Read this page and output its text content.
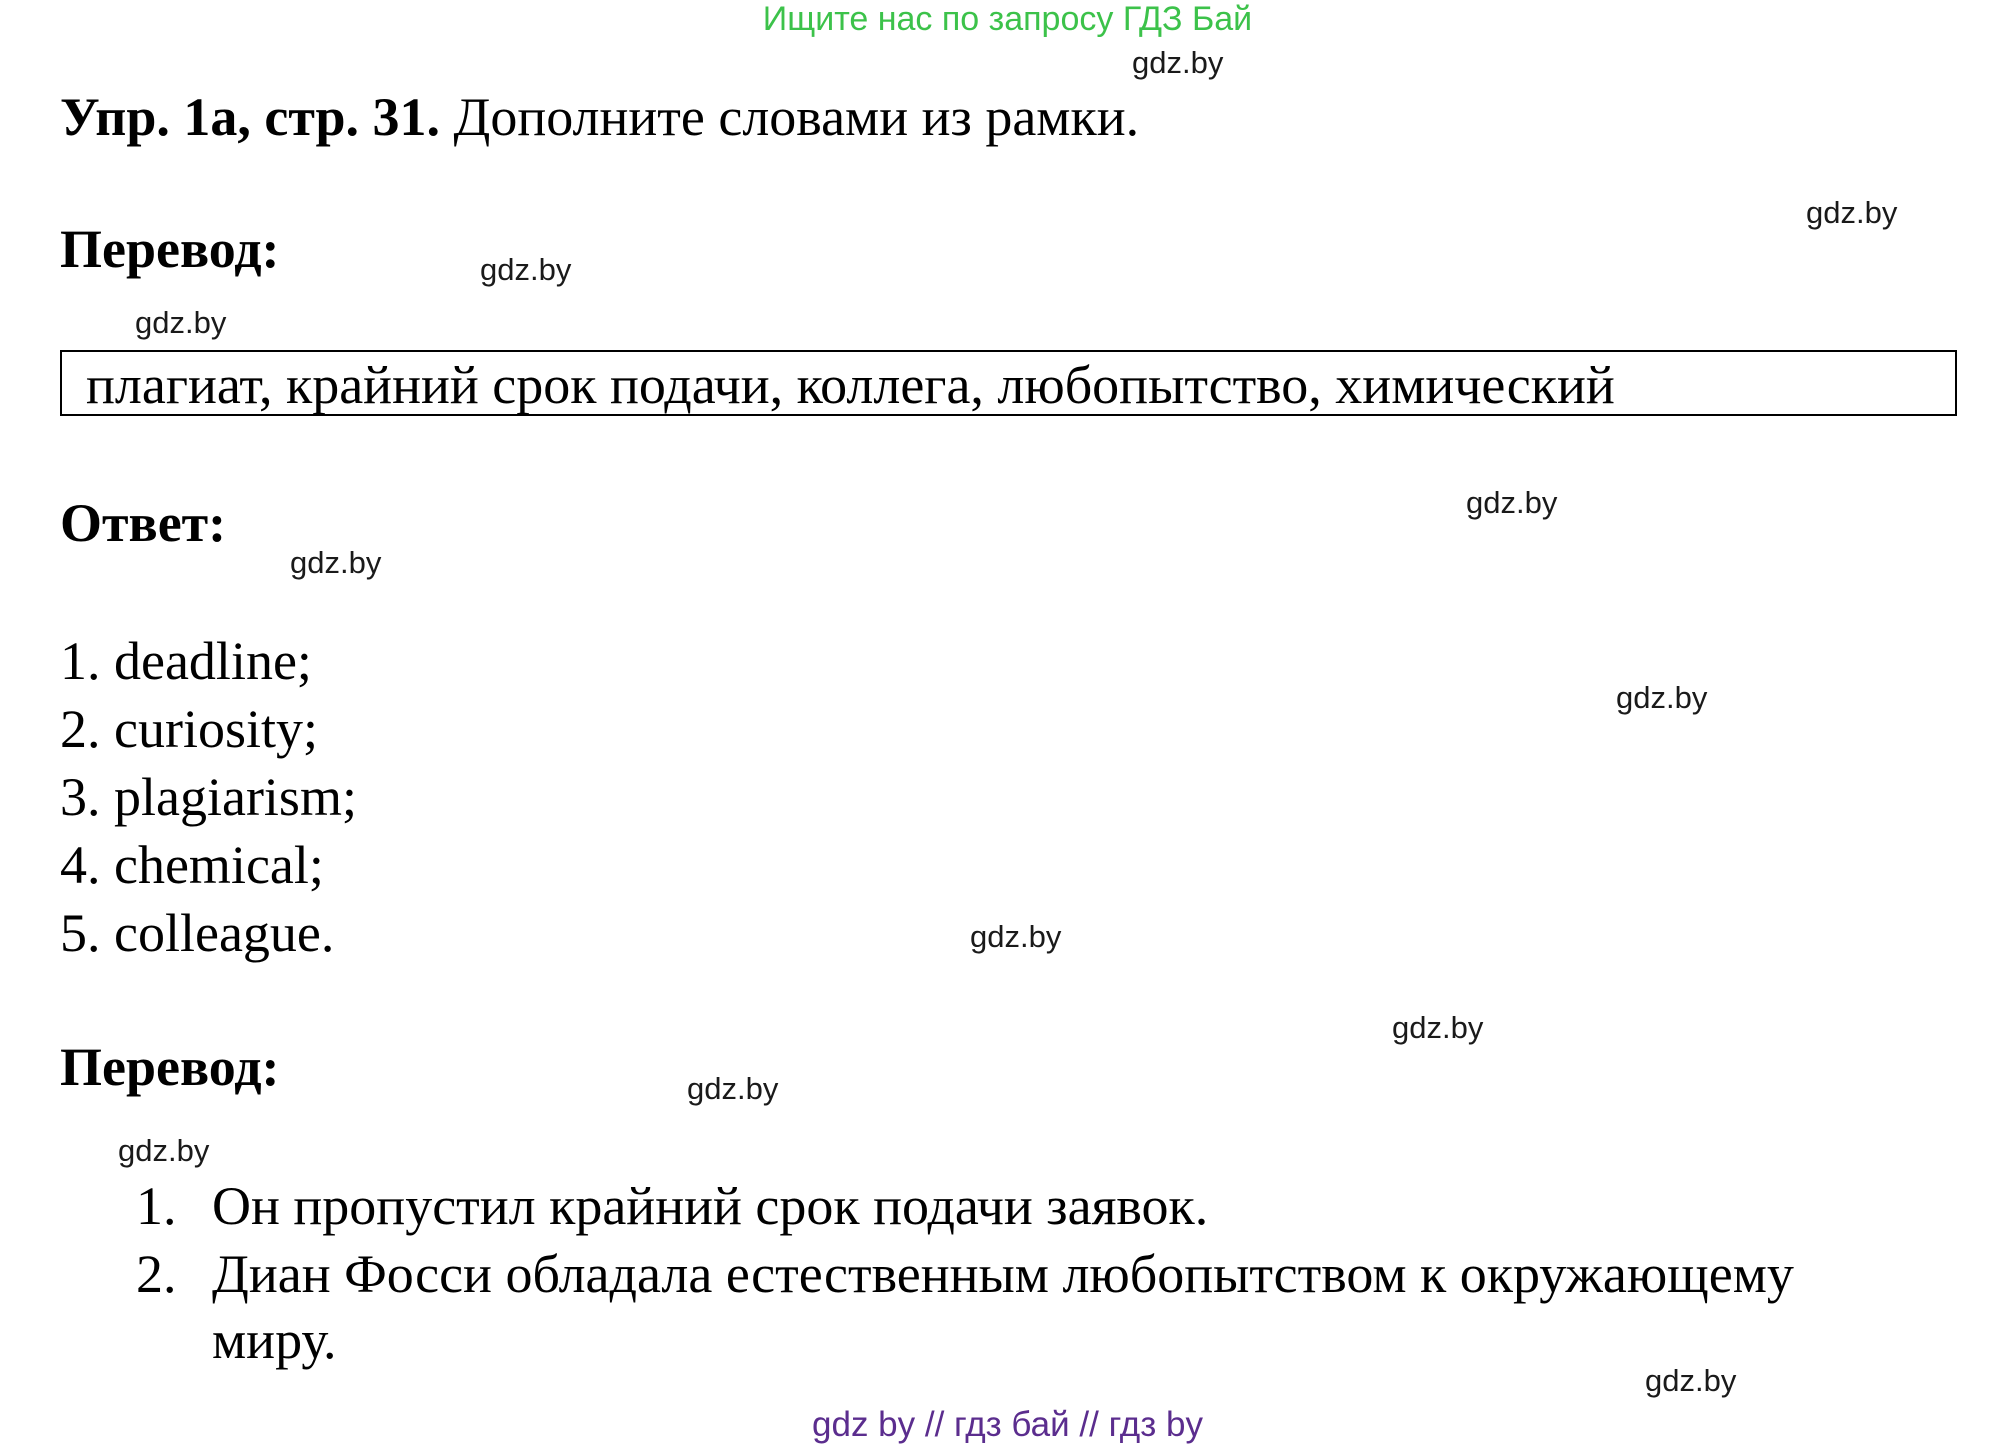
Ищите нас по запросу ГДЗ Бай
gdz.by
gdz.by
gdz.by
gdz.by
gdz.by
gdz.by
gdz.by
gdz.by
gdz.by
gdz.by
gdz.by
gdz.by
Упр. 1a, стр. 31. Дополните словами из рамки.
Перевод:
плагиат, крайний срок подачи, коллега, любопытство, химический
Ответ:
1. deadline;
2. curiosity;
3. plagiarism;
4. chemical;
5. colleague.
Перевод:
1. Он пропустил крайний срок подачи заявок.
2. Диан Фосси обладала естественным любопытством к окружающему
миру.
gdz by // гдз бай // гдз by
